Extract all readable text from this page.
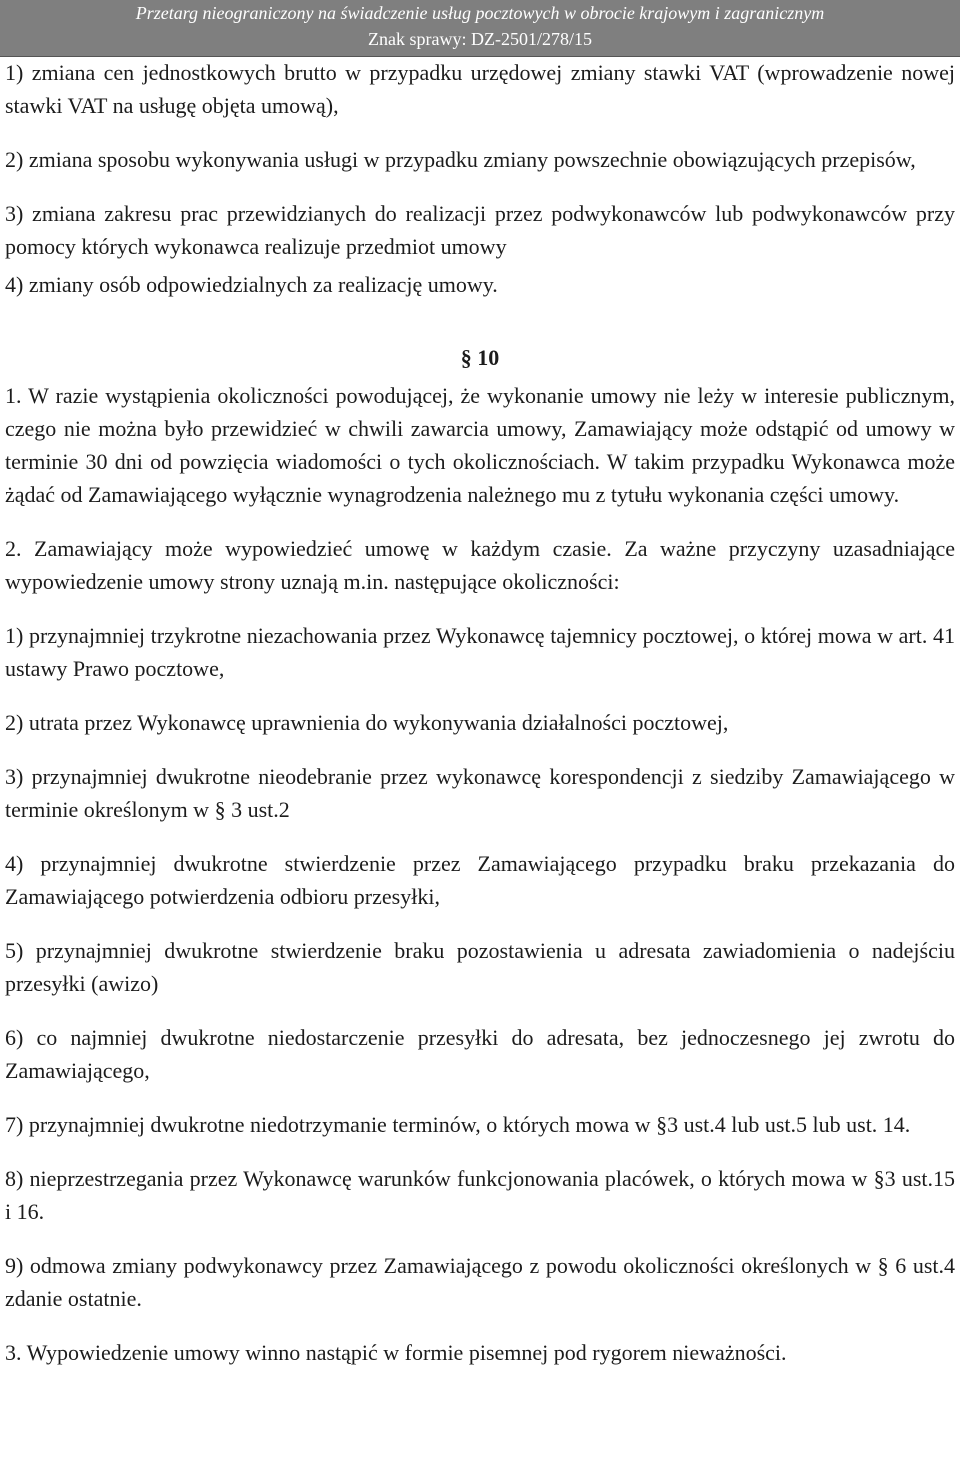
Przetarg nieograniczony na świadczenie usług pocztowych w obrocie krajowym i zagranicznym
Znak sprawy: DZ-2501/278/15

1) zmiana cen jednostkowych brutto w przypadku urzędowej zmiany stawki VAT (wprowadzenie nowej stawki VAT na usługę objęta umową),

2) zmiana sposobu wykonywania usługi w przypadku zmiany powszechnie obowiązujących przepisów,

3) zmiana zakresu prac przewidzianych do realizacji przez podwykonawców lub podwykonawców przy pomocy których wykonawca realizuje przedmiot umowy

4) zmiany osób odpowiedzialnych za realizację umowy.

§ 10

1. W razie wystąpienia okoliczności powodującej, że wykonanie umowy nie leży w interesie publicznym, czego nie można było przewidzieć w chwili zawarcia umowy, Zamawiający może odstąpić od umowy w terminie 30 dni od powzięcia wiadomości o tych okolicznościach. W takim przypadku Wykonawca może żądać od Zamawiającego wyłącznie wynagrodzenia należnego mu z tytułu wykonania części umowy.

2. Zamawiający może wypowiedzieć umowę w każdym czasie. Za ważne przyczyny uzasadniające wypowiedzenie umowy strony uznają m.in. następujące okoliczności:

1) przynajmniej trzykrotne niezachowania przez Wykonawcę tajemnicy pocztowej, o której mowa w art. 41 ustawy Prawo pocztowe,

2) utrata przez Wykonawcę uprawnienia do wykonywania działalności pocztowej,

3) przynajmniej dwukrotne nieodebranie przez wykonawcę korespondencji z siedziby Zamawiającego w terminie określonym w § 3 ust.2

4) przynajmniej dwukrotne stwierdzenie przez Zamawiającego przypadku braku przekazania do Zamawiającego potwierdzenia odbioru przesyłki,

5) przynajmniej dwukrotne stwierdzenie braku pozostawienia u adresata zawiadomienia o nadejściu przesyłki (awizo)

6) co najmniej dwukrotne niedostarczenie przesyłki do adresata, bez jednoczesnego jej zwrotu do Zamawiającego,

7) przynajmniej dwukrotne niedotrzymanie terminów, o których mowa w §3 ust.4 lub ust.5 lub ust. 14.

8) nieprzestrzegania przez Wykonawcę warunków funkcjonowania placówek, o których mowa w §3 ust.15 i 16.

9) odmowa zmiany podwykonawcy przez Zamawiającego z powodu okoliczności określonych w § 6 ust.4 zdanie ostatnie.

3. Wypowiedzenie umowy winno nastąpić w formie pisemnej pod rygorem nieważności.
